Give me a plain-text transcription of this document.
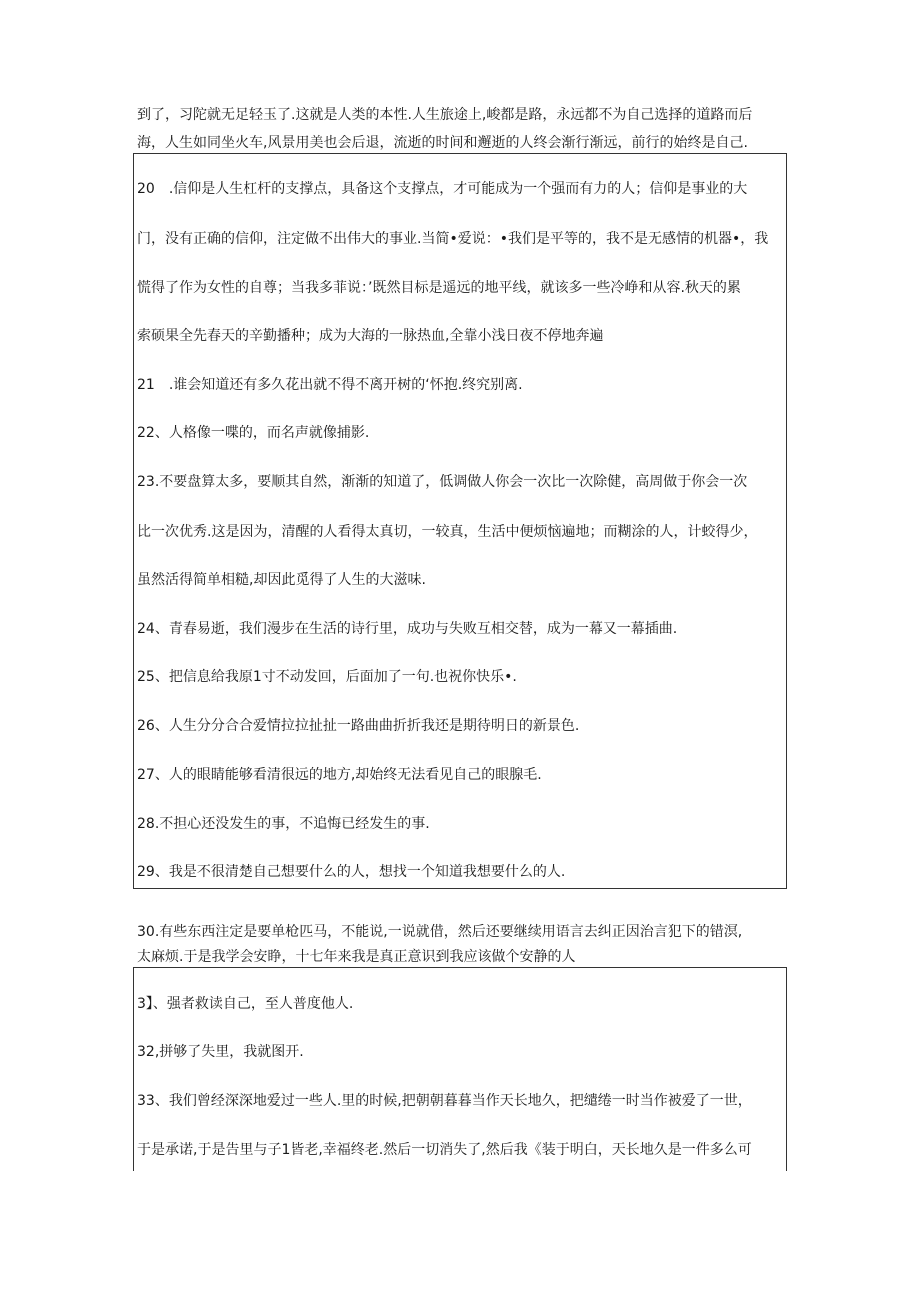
到了，习陀就无足轻玉了.这就是人类的本性.人生旅途上,峻都是路，永远都不为自己选择的道路而后
海，人生如同坐火车,风景用美也会后退，流逝的时间和邂逝的人终会渐行渐远，前行的始终是自己.
20　.信仰是人生杠杆的支撑点，具备这个支撑点，才可能成为一个强而有力的人；信仰是事业的大
门，没有正确的信仰，注定做不出伟大的事业.当简•爱说：•我们是平等的，我不是无感情的机器•，我
慌得了作为女性的自尊；当我多菲说：’既然目标是遥远的地平线，就该多一些冷峥和从容.秋天的累
索硕果全先春天的辛勤播种；成为大海的一脉热血,全靠小浅日夜不停地奔遍
21　.谁会知道还有多久花出就不得不离开树的‘怀抱.终究别离.
22、人格像一喋的，而名声就像捕影.
23.不要盘算太多，要顺其自然，渐渐的知道了，低调做人你会一次比一次除健，高周做于你会一次
比一次优秀.这是因为，清醒的人看得太真切，一较真，生活中便烦恼遍地；而糊涂的人，计蛟得少，
虽然活得简单相糙,却因此觅得了人生的大滋味.
24、青春易逝，我们漫步在生活的诗行里，成功与失败互相交替，成为一幕又一幕插曲.
25、把信息给我原1寸不动发回，后面加了一句.也祝你快乐•.
26、人生分分合合爱情拉拉扯扯一路曲曲折折我还是期待明日的新景色.
27、人的眼睛能够看清很远的地方,却始终无法看见自己的眼腺毛.
28.不担心还没发生的事，不追悔已经发生的事.
29、我是不很清楚自己想要什么的人，想找一个知道我想要什么的人.
30.有些东西注定是要单枪匹马，不能说,一说就借，然后还要继续用语言去纠正因治言犯下的错溟,
太麻烦.于是我学会安睁，十七年来我是真正意识到我应该做个安静的人
3】、强者救读自己，至人普度他人.
32,拼够了失里，我就图开.
33、我们曾经深深地爱过一些人.里的时候,把朝朝暮暮当作天长地久，把缱绻一时当作被爱了一世，
于是承诺,于是告里与子1皆老,幸福终老.然后一切消失了,然后我《装于明白，天长地久是一件多么可
